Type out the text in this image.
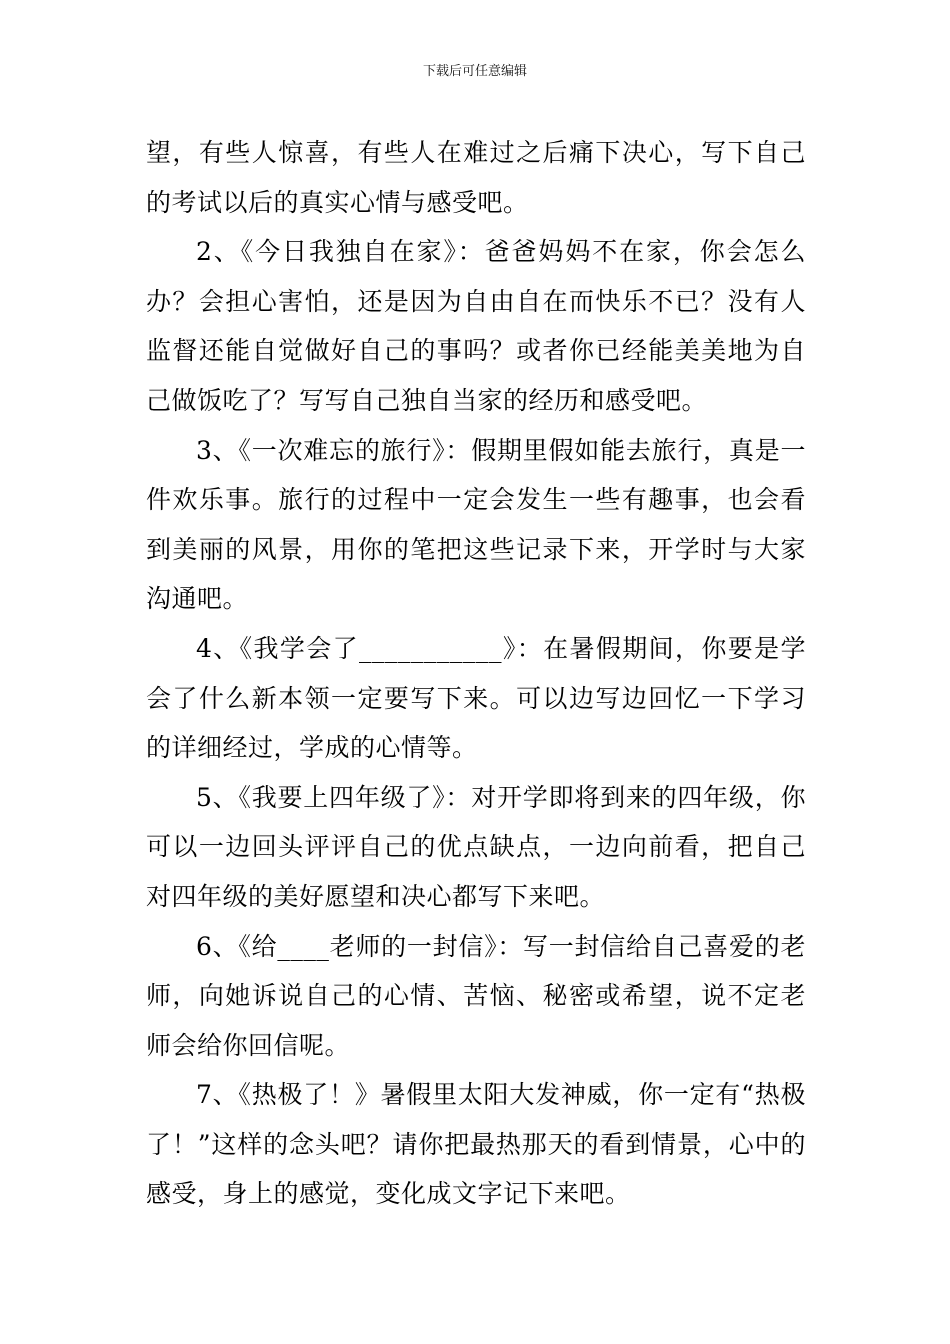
下载后可任意编辑

望，有些人惊喜，有些人在难过之后痛下决心，写下自己的考试以后的真实心情与感受吧。

2、《今日我独自在家》：爸爸妈妈不在家，你会怎么办？会担心害怕，还是因为自由自在而快乐不已？没有人监督还能自觉做好自己的事吗？或者你已经能美美地为自己做饭吃了？写写自己独自当家的经历和感受吧。

3、《一次难忘的旅行》：假期里假如能去旅行，真是一件欢乐事。旅行的过程中一定会发生一些有趣事，也会看到美丽的风景，用你的笔把这些记录下来，开学时与大家沟通吧。

4、《我学会了___________》：在暑假期间，你要是学会了什么新本领一定要写下来。可以边写边回忆一下学习的详细经过，学成的心情等。

5、《我要上四年级了》：对开学即将到来的四年级，你可以一边回头评评自己的优点缺点，一边向前看，把自己对四年级的美好愿望和决心都写下来吧。

6、《给____老师的一封信》：写一封信给自己喜爱的老师，向她诉说自己的心情、苦恼、秘密或希望，说不定老师会给你回信呢。

7、《热极了！》暑假里太阳大发神威，你一定有“热极了！”这样的念头吧？请你把最热那天的看到情景，心中的感受，身上的感觉，变化成文字记下来吧。
